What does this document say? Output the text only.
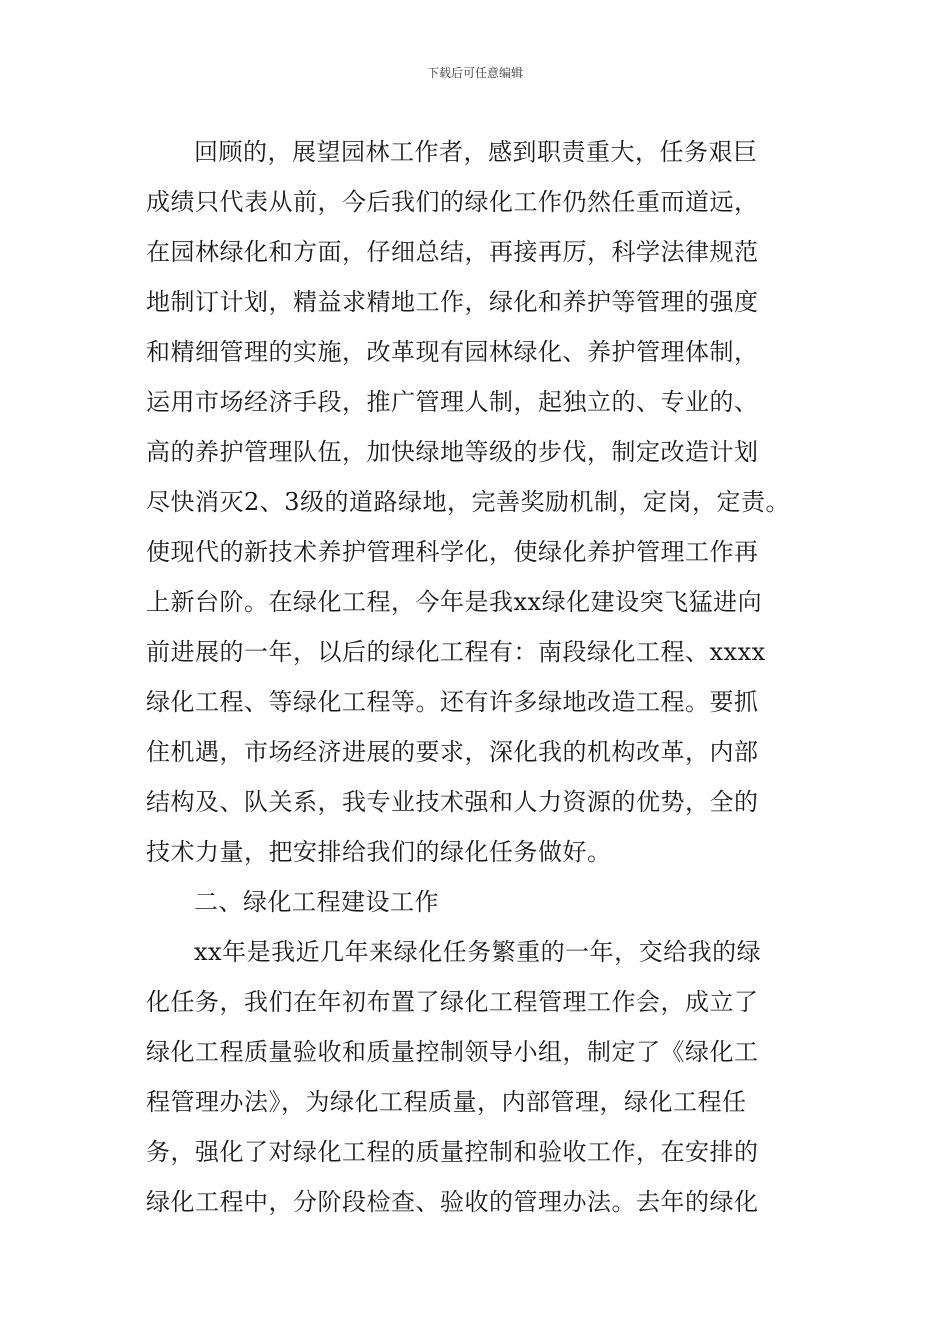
下载后可任意编辑
回顾的，展望园林工作者，感到职责重大，任务艰巨
成绩只代表从前，今后我们的绿化工作仍然任重而道远，
在园林绿化和方面，仔细总结，再接再厉，科学法律规范
地制订计划，精益求精地工作，绿化和养护等管理的强度
和精细管理的实施，改革现有园林绿化、养护管理体制，
运用市场经济手段，推广管理人制，起独立的、专业的、
高的养护管理队伍，加快绿地等级的步伐，制定改造计划
尽快消灭2、3级的道路绿地，完善奖励机制，定岗，定责。
使现代的新技术养护管理科学化，使绿化养护管理工作再
上新台阶。在绿化工程，今年是我xx绿化建设突飞猛进向
前进展的一年，以后的绿化工程有：南段绿化工程、xxxx
绿化工程、等绿化工程等。还有许多绿地改造工程。要抓
住机遇，市场经济进展的要求，深化我的机构改革，内部
结构及、队关系，我专业技术强和人力资源的优势，全的
技术力量，把安排给我们的绿化任务做好。
二、绿化工程建设工作
xx年是我近几年来绿化任务繁重的一年，交给我的绿
化任务，我们在年初布置了绿化工程管理工作会，成立了
绿化工程质量验收和质量控制领导小组，制定了《绿化工
程管理办法》，为绿化工程质量，内部管理，绿化工程任
务，强化了对绿化工程的质量控制和验收工作，在安排的
绿化工程中，分阶段检查、验收的管理办法。去年的绿化
